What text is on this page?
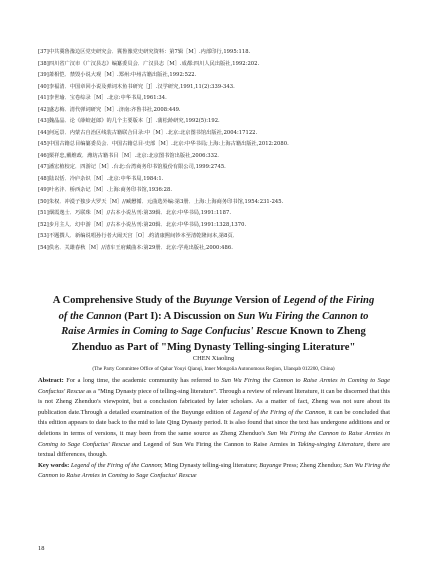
[37]中共冀鲁豫边区党史研究会．冀鲁豫党史研究资料：第7辑［M］.内部印行,1995:118.
[38]四川省广汉市《广汉县志》编纂委员会．广汉县志［M］.成都:四川人民出版社,1992:202.
[39]萧相恺．禁毁小说大观［M］.郑州:中州古籍出版社,1992:522.
[40]李福清．中国章回小说及弹词木鱼书研究［J］.汉学研究,1991,11(2):339-343.
[41]李世瑜．宝卷综录［M］.北京:中华书局,1961:34.
[42]盛志梅．清代弹词研究［M］.济南:齐鲁书社,2008:449.
[43]魏晶晶．论《薛蛟赶郎》的几个主要版本［J］.蒲松龄研究,1992(5):192.
[44]何远景．内蒙古自治区线装古籍联合目录:中［M］.北京:北京图书馆出版社,2004:17122.
[45]中国古籍总目编纂委员会．中国古籍总目·史部［M］.北京:中华书局;上海:上海古籍出版社,2012:2080.
[46]栗祥忠,戴维政．潍坊古籍书目［M］.北京:北京图书馆出版社,2006:332.
[47]潘宏植校定．四游记［M］.台北:台湾商务印书馆股份有限公司,1999:2745.
[48]陆以恬．冷庐杂识［M］.北京:中华书局,1984:1.
[49]叶名沣．桥西杂记［M］.上海:商务印书馆,1936:28.
[50]朱权．冲漠子独步大罗天［M］//臧懋循．元曲选外编:第3册．上海:上海商务印书馆,1954:231-245.
[51]烟霞逸士．巧联珠［M］//古本小说丛刊:第39辑．北京:中华书局,1991:1187.
[52]步月主人．幻中游［M］//古本小说丛刊:第20辑．北京:中华书局,1991:1328,1370.
[53]不题撰人．新编说唱孙行者大闹天宫［O］.约清康熙间钞本至清乾隆间本,第8页．
[54]佚名．关雄春秋［M］//清车王府藏曲本:第29册．北京:学苑出版社,2000:486.
A Comprehensive Study of the Buyunge Version of Legend of the Firing of the Cannon (Part I): A Discussion on Sun Wu Firing the Cannon to Raise Armies in Coming to Sage Confucius' Rescue Known to Zheng Zhenduo as Part of "Ming Dynasty Telling-singing Literature"
CHEN Xiaoling
(The Party Committee Office of Qahar Youyi Qianqi, Inner Mongolia Autonomous Region, Ulanqab 012200, China)
Abstract: For a long time, the academic community has referred to Sun Wu Firing the Cannon to Raise Armies in Coming to Sage Confucius' Rescue as a "Ming Dynasty piece of telling-sing literature". Through a review of relevant literature, it can be discerned that this is not Zheng Zhenduo's viewpoint, but a conclusion fabricated by later scholars. As a matter of fact, Zheng was not sure about its publication date.Through a detailed examination of the Buyunge edition of Legend of the Firing of the Cannon, it can be concluded that this edition appears to date back to the mid to late Qing Dynasty period. It is also found that since the text has undergone additions and or deletions in terms of versions, it may been from the same source as Zheng Zhenduo's Sun Wu Firing the Cannon to Raise Armies in Coming to Sage Confucius' Rescue and Legend of Sun Wu Firing the Cannon to Raise Armies in Taking-singing Literature, there are textual differences, though.
Key words: Legend of the Firing of the Cannon; Ming Dynasty telling-sing literature; Buyunge Press; Zheng Zhenduo; Sun Wu Firing the Cannon to Raise Armies in Coming to Sage Confucius' Rescue
18
